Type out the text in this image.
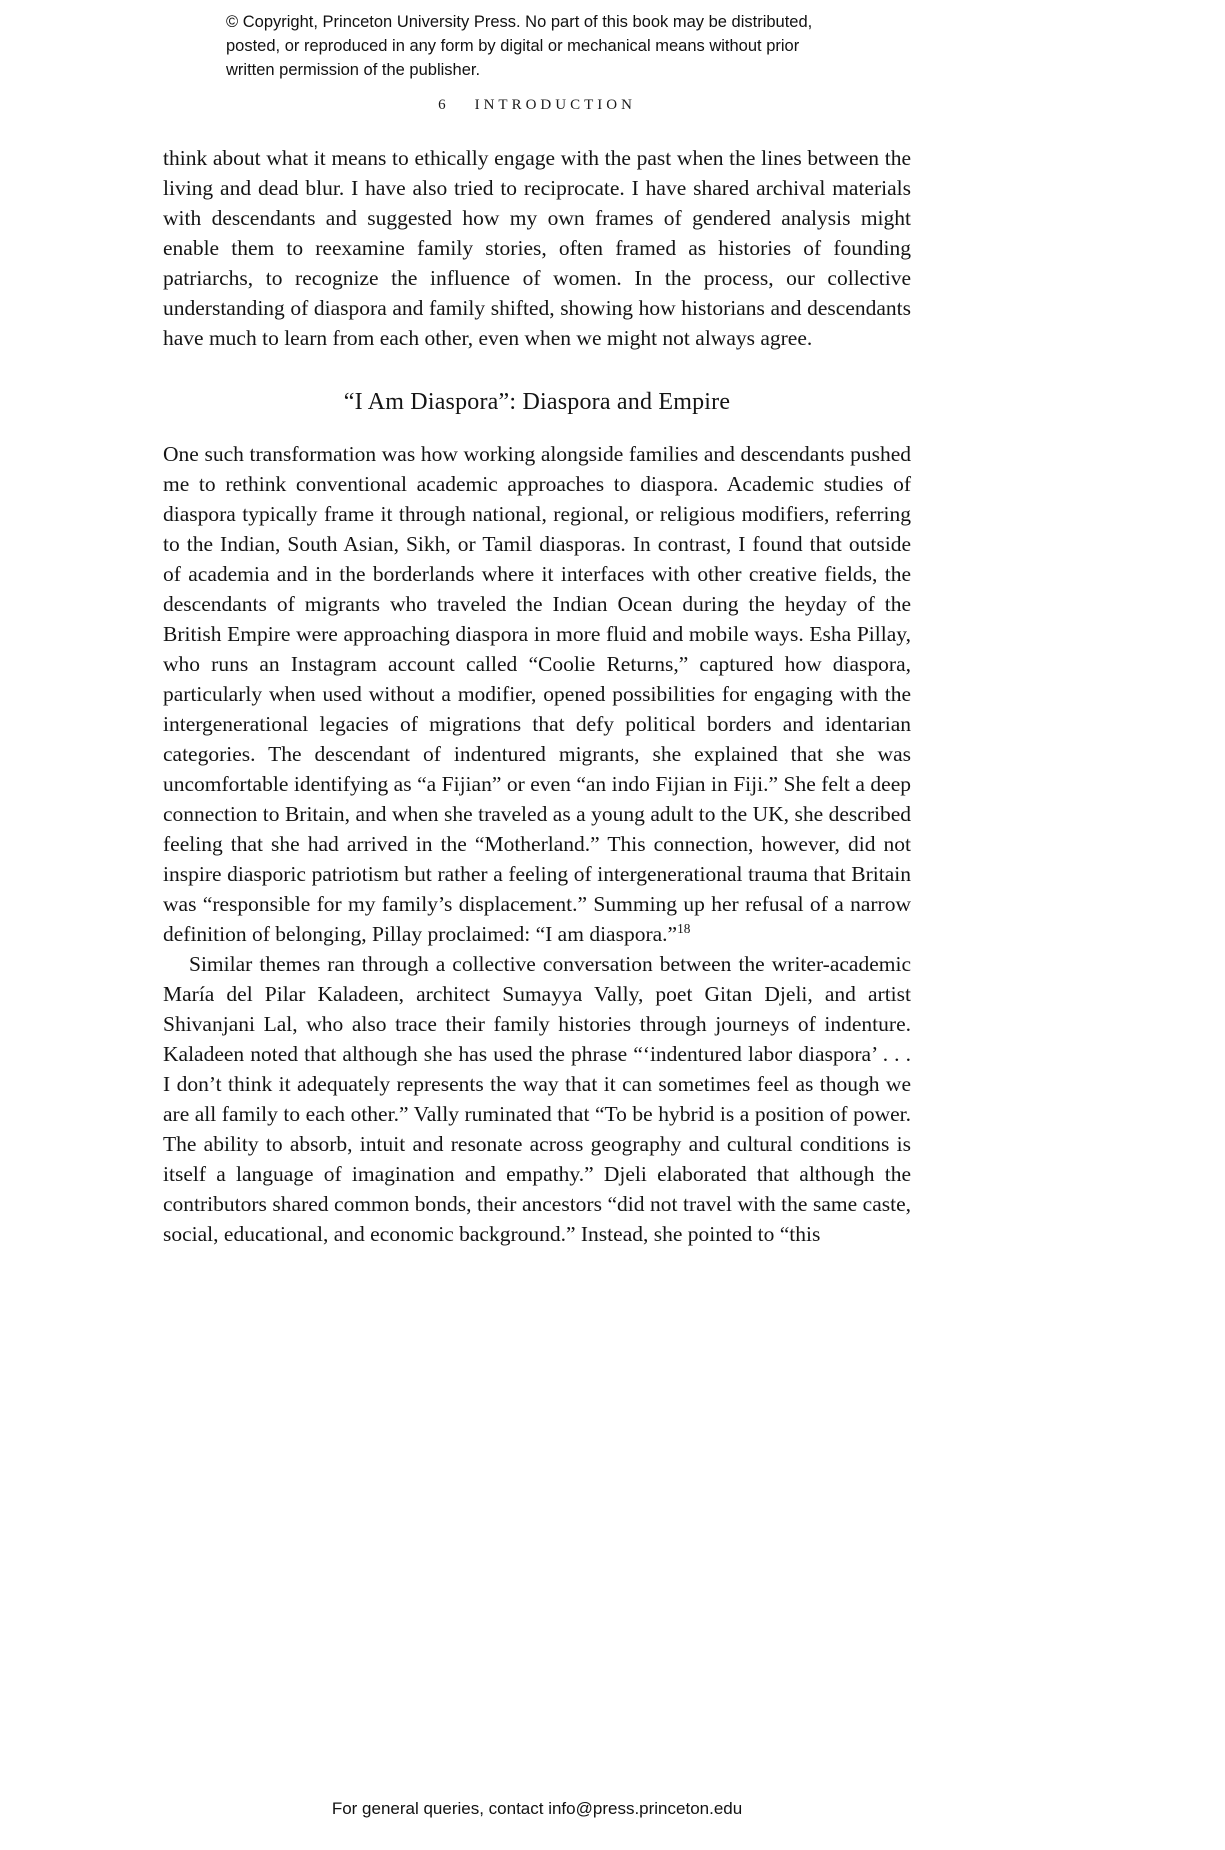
© Copyright, Princeton University Press. No part of this book may be distributed, posted, or reproduced in any form by digital or mechanical means without prior written permission of the publisher.
6 INTRODUCTION

think about what it means to ethically engage with the past when the lines between the living and dead blur. I have also tried to reciprocate. I have shared archival materials with descendants and suggested how my own frames of gendered analysis might enable them to reexamine family stories, often framed as histories of founding patriarchs, to recognize the influence of women. In the process, our collective understanding of diaspora and family shifted, showing how historians and descendants have much to learn from each other, even when we might not always agree.

“I Am Diaspora”: Diaspora and Empire

One such transformation was how working alongside families and descendants pushed me to rethink conventional academic approaches to diaspora. Academic studies of diaspora typically frame it through national, regional, or religious modifiers, referring to the Indian, South Asian, Sikh, or Tamil diasporas. In contrast, I found that outside of academia and in the borderlands where it interfaces with other creative fields, the descendants of migrants who traveled the Indian Ocean during the heyday of the British Empire were approaching diaspora in more fluid and mobile ways. Esha Pillay, who runs an Instagram account called “Coolie Returns,” captured how diaspora, particularly when used without a modifier, opened possibilities for engaging with the intergenerational legacies of migrations that defy political borders and identarian categories. The descendant of indentured migrants, she explained that she was uncomfortable identifying as “a Fijian” or even “an indo Fijian in Fiji.” She felt a deep connection to Britain, and when she traveled as a young adult to the UK, she described feeling that she had arrived in the “Motherland.” This connection, however, did not inspire diasporic patriotism but rather a feeling of intergenerational trauma that Britain was “responsible for my family’s displacement.” Summing up her refusal of a narrow definition of belonging, Pillay proclaimed: “I am diaspora.”$^{18}$

Similar themes ran through a collective conversation between the writer-academic María del Pilar Kaladeen, architect Sumayya Vally, poet Gitan Djeli, and artist Shivanjani Lal, who also trace their family histories through journeys of indenture. Kaladeen noted that although she has used the phrase “‘indentured labor diaspora’ . . . I don’t think it adequately represents the way that it can sometimes feel as though we are all family to each other.” Vally ruminated that “To be hybrid is a position of power. The ability to absorb, intuit and resonate across geography and cultural conditions is itself a language of imagination and empathy.” Djeli elaborated that although the contributors shared common bonds, their ancestors “did not travel with the same caste, social, educational, and economic background.” Instead, she pointed to “this

For general queries, contact info@press.princeton.edu
